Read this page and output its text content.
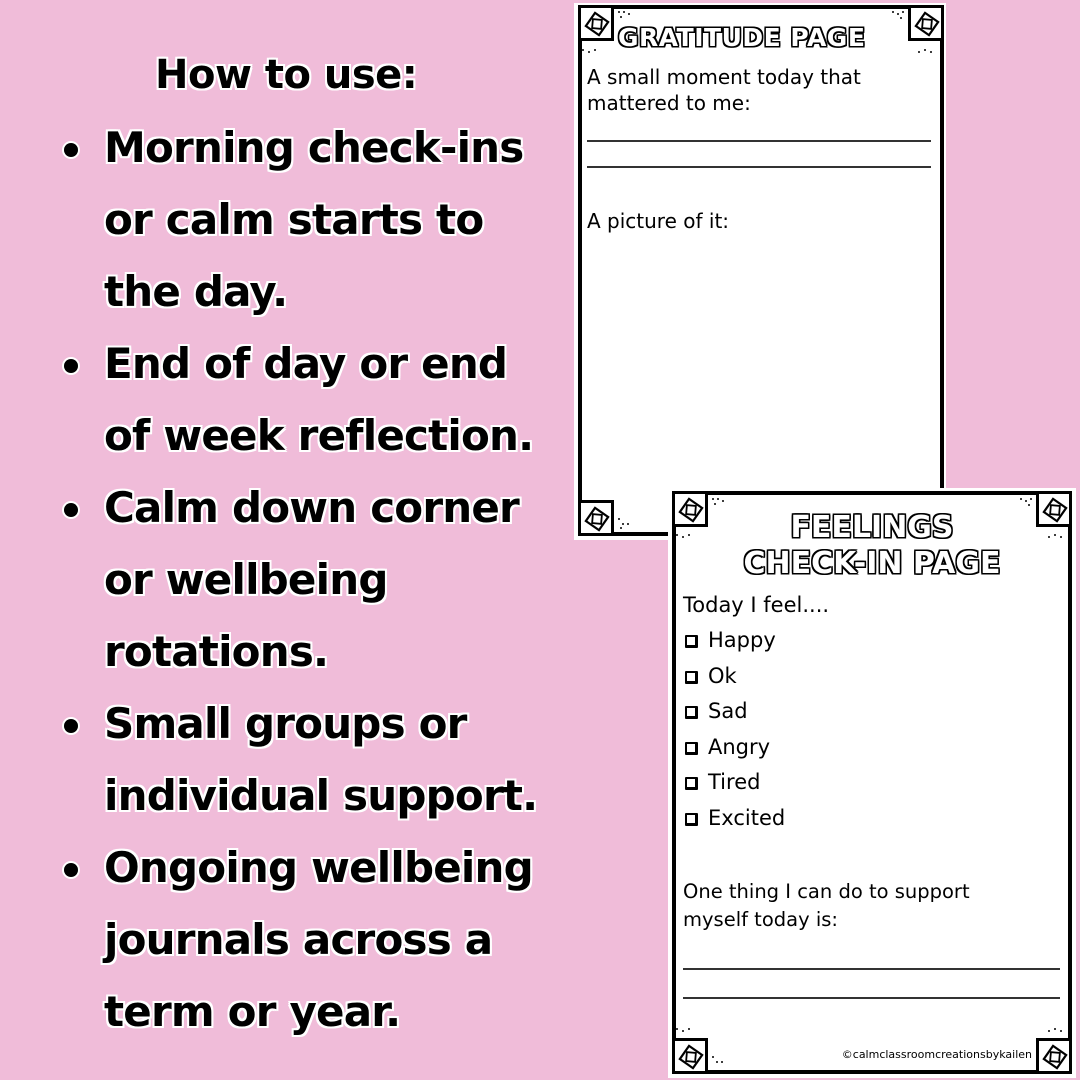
How to use:
Morning check-ins
or calm starts to
the day.
End of day or end
of week reflection.
Calm down corner
or wellbeing
rotations.
Small groups or
individual support.
Ongoing wellbeing
journals across a
term or year.
GRATITUDE PAGE
A small moment today that
mattered to me:
A picture of it:
FEELINGS
CHECK-IN PAGE
Today I feel....
Happy
Ok
Sad
Angry
Tired
Excited
One thing I can do to support
myself today is:
©calmclassroomcreationsbykailen
